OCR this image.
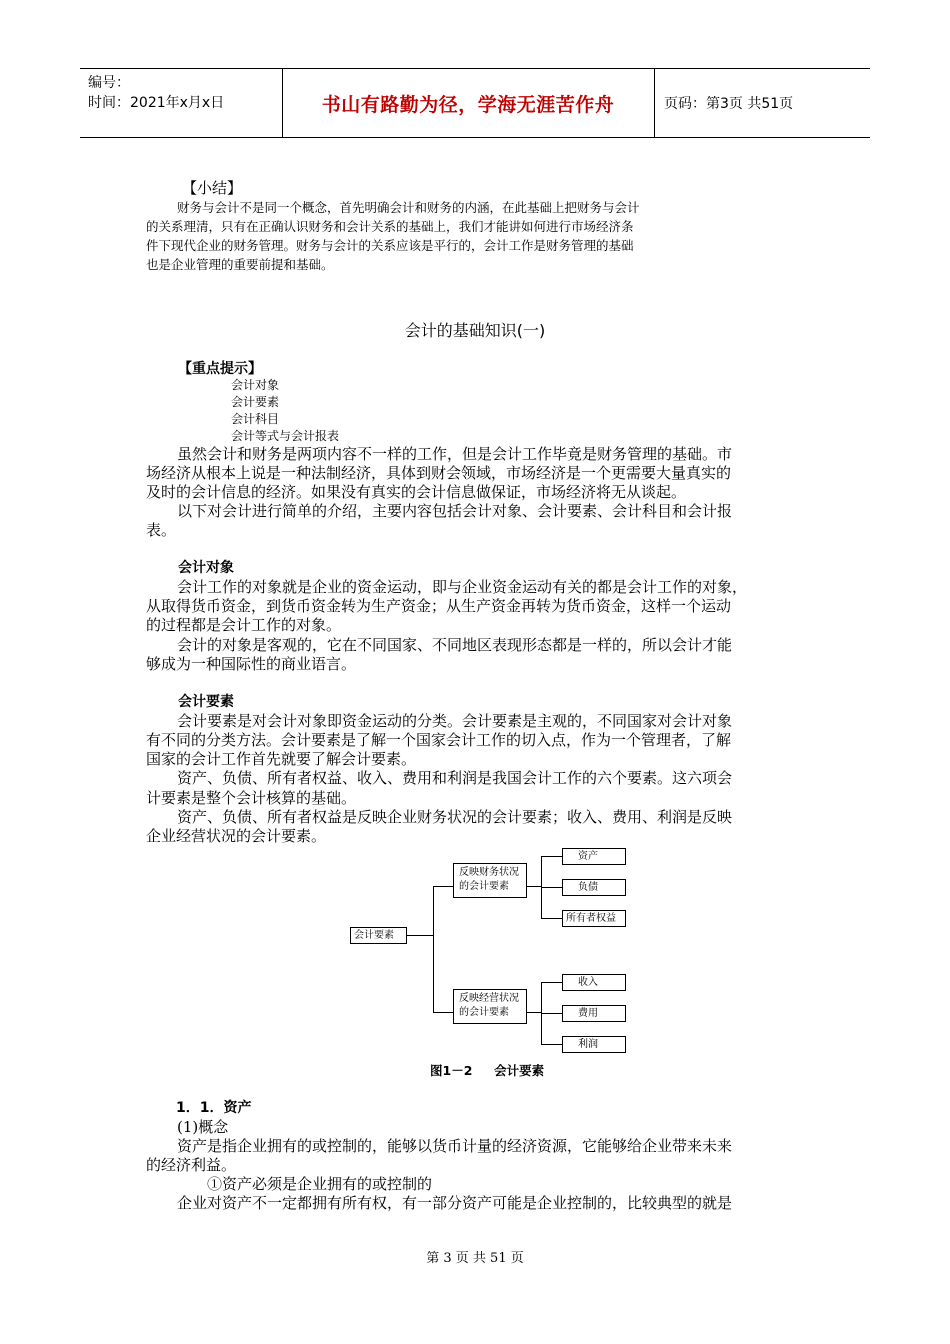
编号：
时间：2021年x月x日	书山有路勤为径，学海无涯苦作舟	页码：第3页 共51页
【小结】
财务与会计不是同一个概念，首先明确会计和财务的内涵，在此基础上把财务与会计
的关系理清，只有在正确认识财务和会计关系的基础上，我们才能讲如何进行市场经济条
件下现代企业的财务管理。财务与会计的关系应该是平行的，会计工作是财务管理的基础
也是企业管理的重要前提和基础。
会计的基础知识(一)
【重点提示】
会计对象
会计要素
会计科目
会计等式与会计报表
虽然会计和财务是两项内容不一样的工作，但是会计工作毕竟是财务管理的基础。市
场经济从根本上说是一种法制经济，具体到财会领域，市场经济是一个更需要大量真实的
及时的会计信息的经济。如果没有真实的会计信息做保证，市场经济将无从谈起。
以下对会计进行简单的介绍，主要内容包括会计对象、会计要素、会计科目和会计报
表。
会计对象
会计工作的对象就是企业的资金运动，即与企业资金运动有关的都是会计工作的对象，
从取得货币资金，到货币资金转为生产资金；从生产资金再转为货币资金，这样一个运动
的过程都是会计工作的对象。
会计的对象是客观的，它在不同国家、不同地区表现形态都是一样的，所以会计才能
够成为一种国际性的商业语言。
会计要素
会计要素是对会计对象即资金运动的分类。会计要素是主观的，不同国家对会计对象
有不同的分类方法。会计要素是了解一个国家会计工作的切入点，作为一个管理者，了解
国家的会计工作首先就要了解会计要素。
资产、负债、所有者权益、收入、费用和利润是我国会计工作的六个要素。这六项会
计要素是整个会计核算的基础。
资产、负债、所有者权益是反映企业财务状况的会计要素；收入、费用、利润是反映
企业经营状况的会计要素。
会计要素
反映财务状况
的会计要素
反映经营状况
的会计要素
资产
负债
所有者权益
收入
费用
利润
图1－2     会计要素
1．1．资产
(1)概念
资产是指企业拥有的或控制的，能够以货币计量的经济资源，它能够给企业带来未来
的经济利益。
①资产必须是企业拥有的或控制的
企业对资产不一定都拥有所有权，有一部分资产可能是企业控制的，比较典型的就是
第 3 页 共 51 页
